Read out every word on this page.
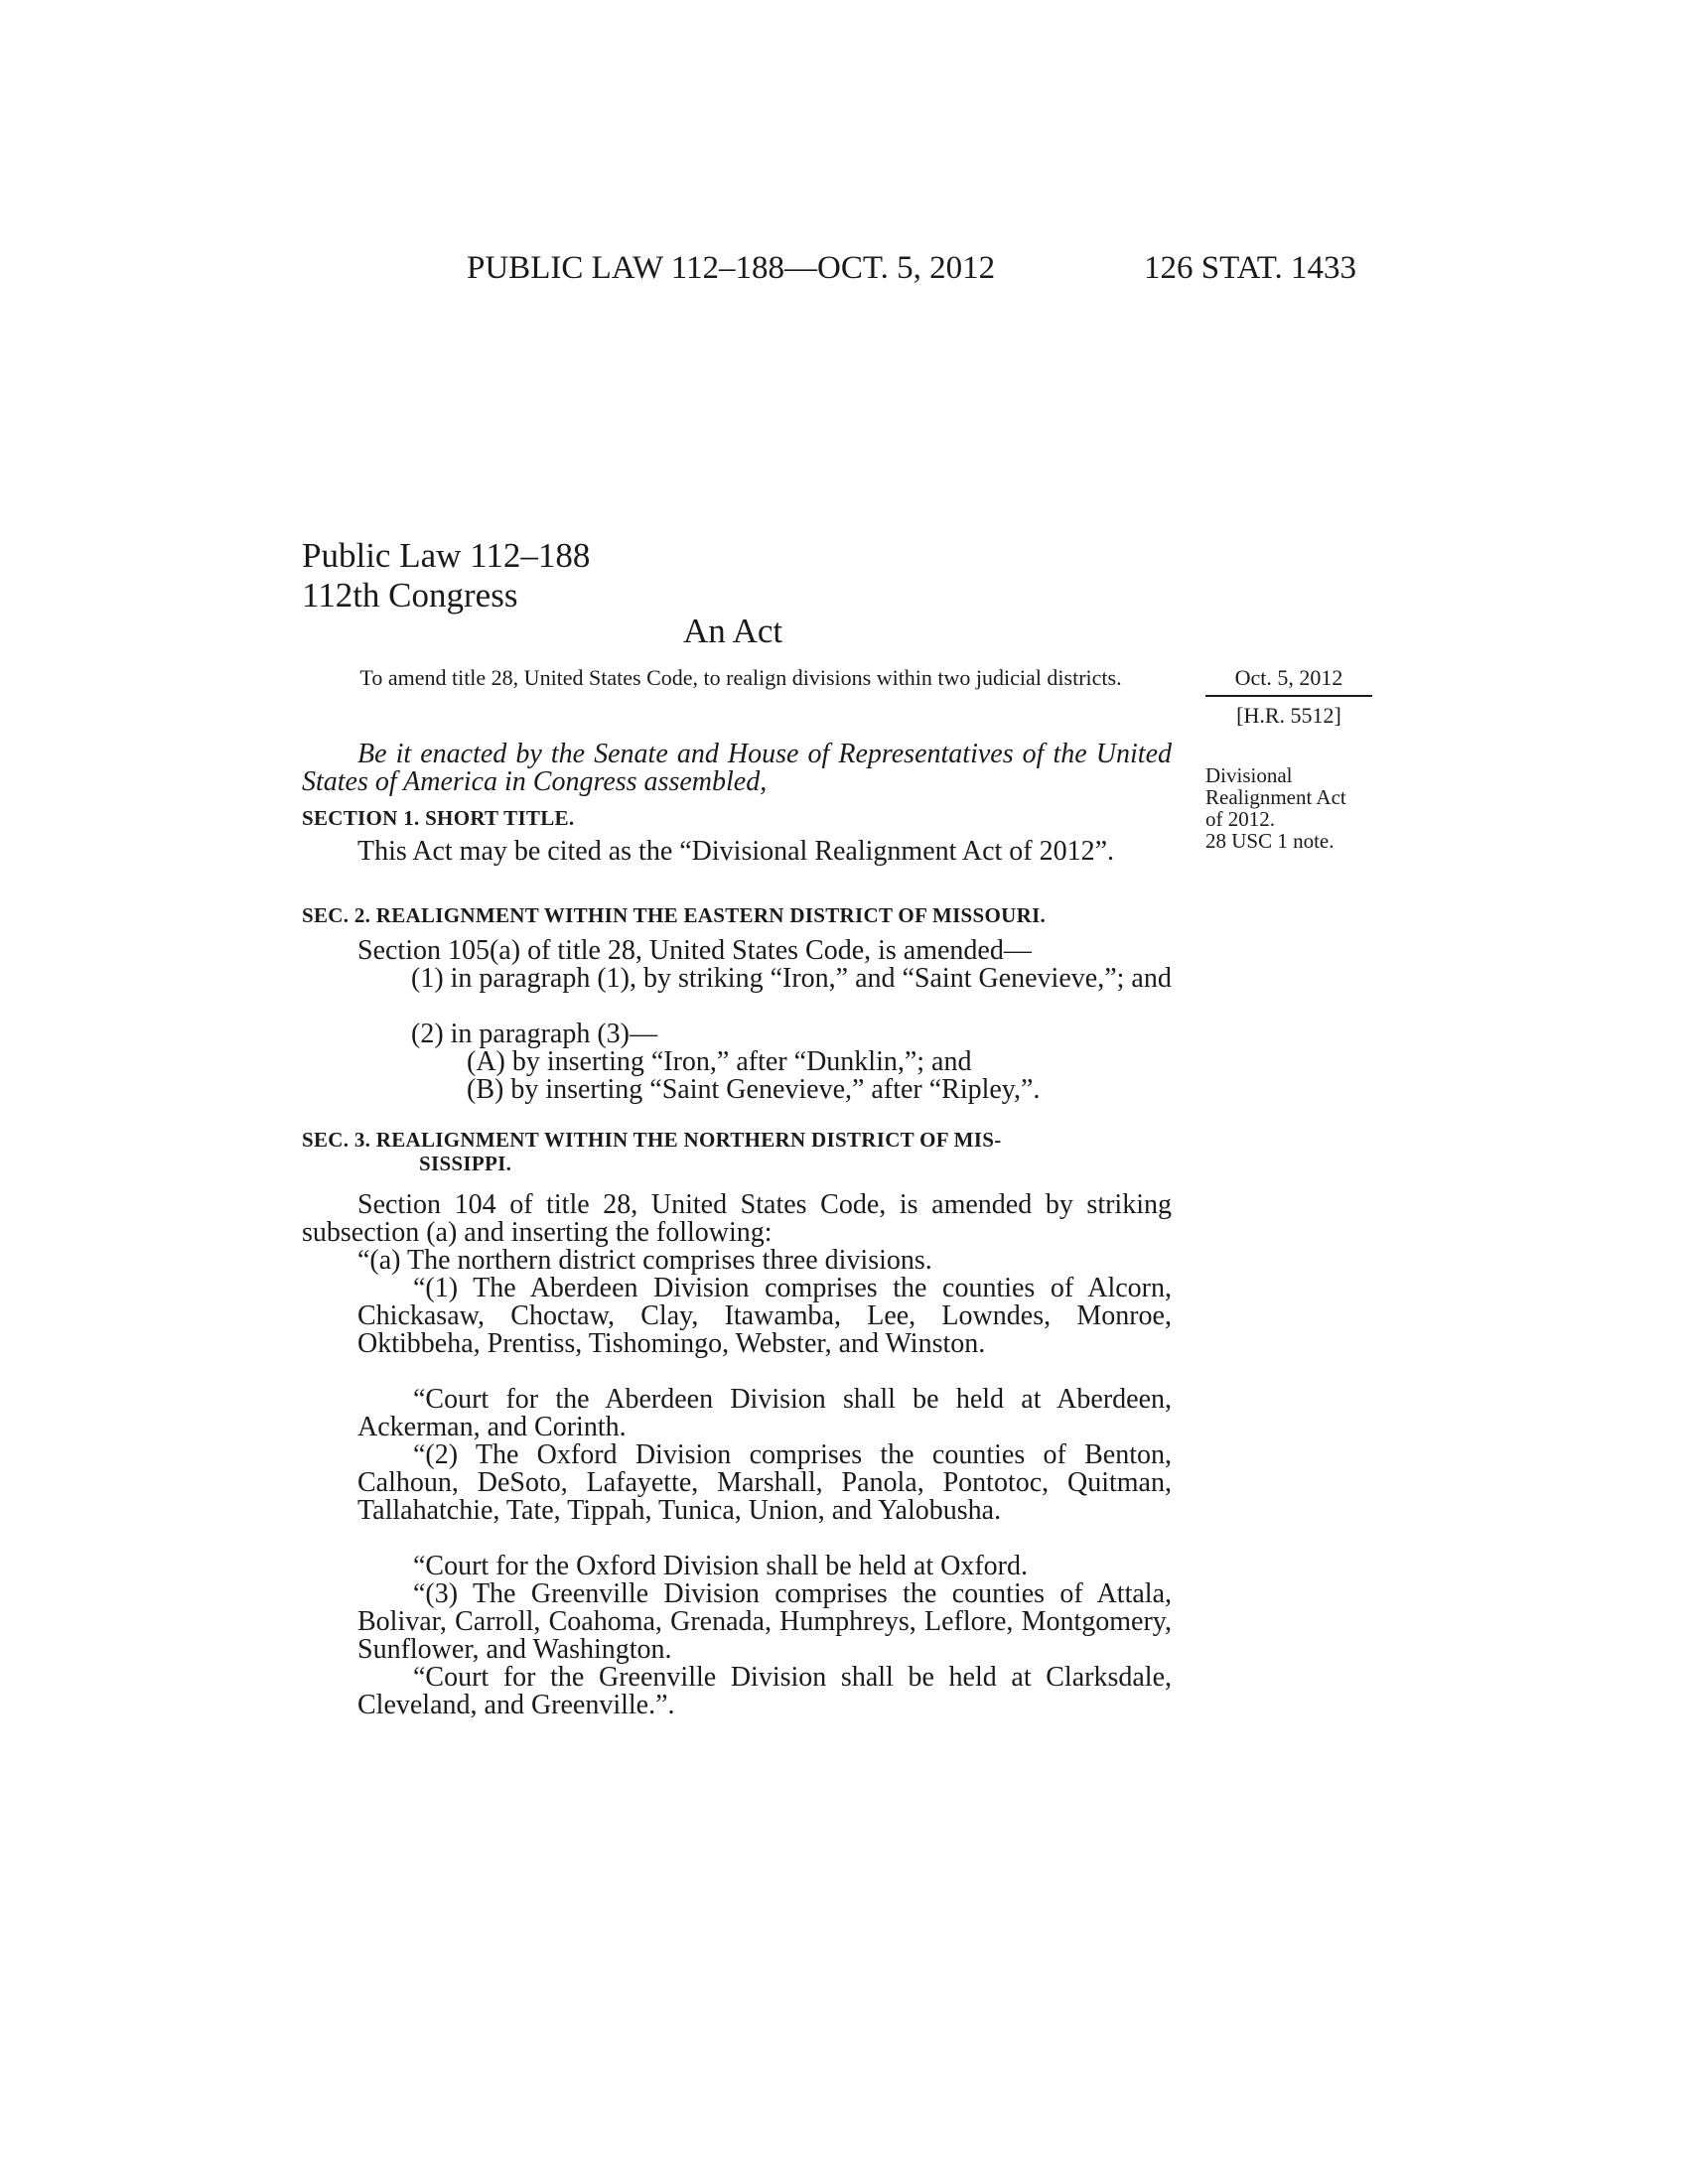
PUBLIC LAW 112–188—OCT. 5, 2012	126 STAT. 1433
Public Law 112–188
112th Congress
An Act
To amend title 28, United States Code, to realign divisions within two judicial districts.	Oct. 5, 2012
[H.R. 5512]
Divisional
Realignment Act
of 2012.
28 USC 1 note.
Be it enacted by the Senate and House of Representatives of the United States of America in Congress assembled,
SECTION 1. SHORT TITLE.
This Act may be cited as the “Divisional Realignment Act of 2012”.
SEC. 2. REALIGNMENT WITHIN THE EASTERN DISTRICT OF MISSOURI.
Section 105(a) of title 28, United States Code, is amended—
(1) in paragraph (1), by striking “Iron,” and “Saint Genevieve,”; and
(2) in paragraph (3)—
(A) by inserting “Iron,” after “Dunklin,”; and
(B) by inserting “Saint Genevieve,” after “Ripley,”.
SEC. 3. REALIGNMENT WITHIN THE NORTHERN DISTRICT OF MIS-
SISSIPPI.
Section 104 of title 28, United States Code, is amended by striking subsection (a) and inserting the following:
“(a) The northern district comprises three divisions.
“(1) The Aberdeen Division comprises the counties of Alcorn, Chickasaw, Choctaw, Clay, Itawamba, Lee, Lowndes, Monroe, Oktibbeha, Prentiss, Tishomingo, Webster, and Winston.
“Court for the Aberdeen Division shall be held at Aberdeen, Ackerman, and Corinth.
“(2) The Oxford Division comprises the counties of Benton, Calhoun, DeSoto, Lafayette, Marshall, Panola, Pontotoc, Quitman, Tallahatchie, Tate, Tippah, Tunica, Union, and Yalobusha.
“Court for the Oxford Division shall be held at Oxford.
“(3) The Greenville Division comprises the counties of Attala, Bolivar, Carroll, Coahoma, Grenada, Humphreys, Leflore, Montgomery, Sunflower, and Washington.
“Court for the Greenville Division shall be held at Clarksdale, Cleveland, and Greenville.”.
